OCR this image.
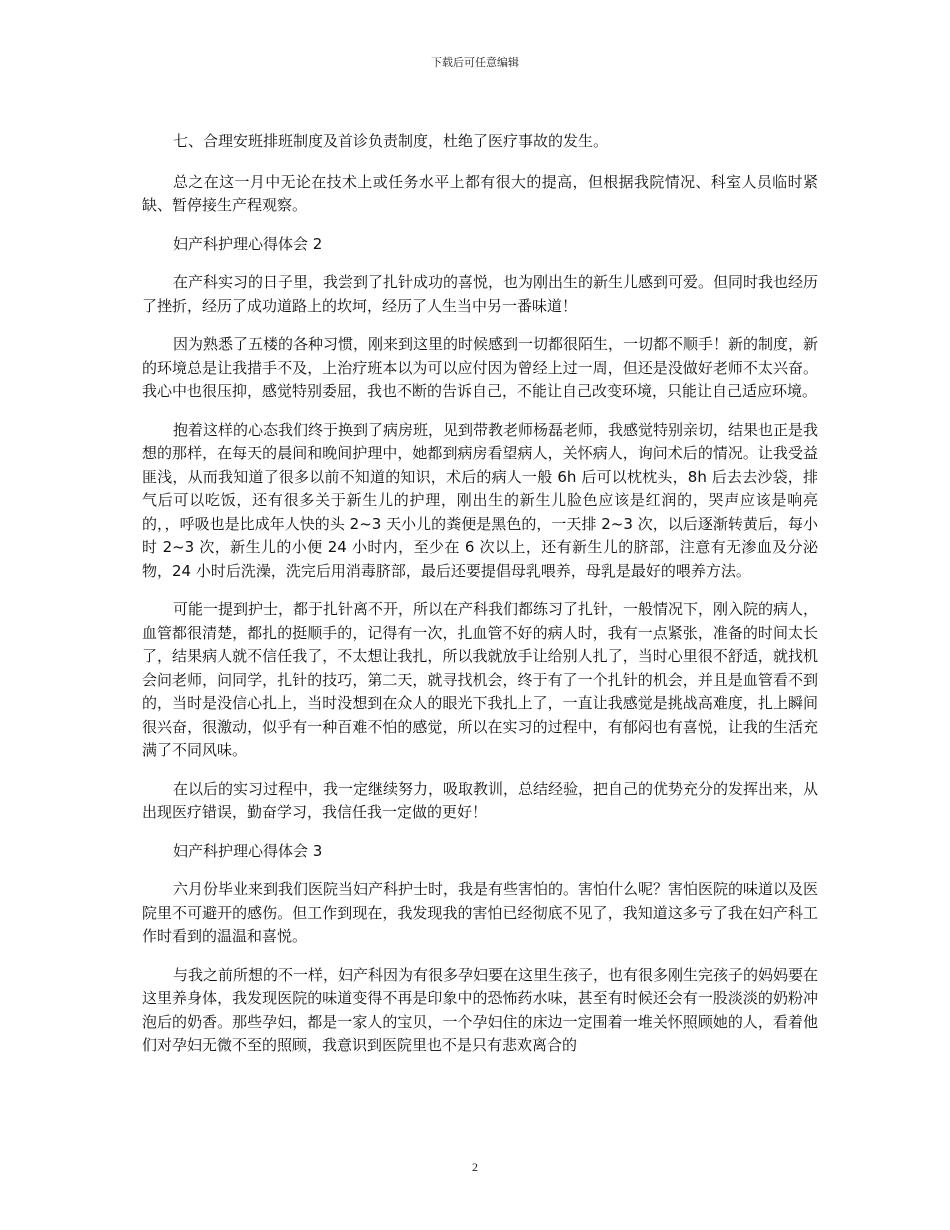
下载后可任意编辑

七、合理安班排班制度及首诊负责制度，杜绝了医疗事故的发生。

总之在这一月中无论在技术上或任务水平上都有很大的提高，但根据我院情况、科室人员临时紧缺、暂停接生产程观察。

妇产科护理心得体会 2

在产科实习的日子里，我尝到了扎针成功的喜悦，也为刚出生的新生儿感到可爱。但同时我也经历了挫折，经历了成功道路上的坎坷，经历了人生当中另一番味道！

因为熟悉了五楼的各种习惯，刚来到这里的时候感到一切都很陌生，一切都不顺手！新的制度，新的环境总是让我措手不及，上治疗班本以为可以应付因为曾经上过一周，但还是没做好老师不太兴奋。我心中也很压抑，感觉特别委屈，我也不断的告诉自己，不能让自己改变环境，只能让自己适应环境。

抱着这样的心态我们终于换到了病房班，见到带教老师杨磊老师，我感觉特别亲切，结果也正是我想的那样，在每天的晨间和晚间护理中，她都到病房看望病人，关怀病人，询问术后的情况。让我受益匪浅，从而我知道了很多以前不知道的知识，术后的病人一般 6h 后可以枕枕头，8h 后去去沙袋，排气后可以吃饭，还有很多关于新生儿的护理，刚出生的新生儿脸色应该是红润的，哭声应该是响亮的，，呼吸也是比成年人快的头 2~3 天小儿的粪便是黑色的，一天排 2~3 次，以后逐渐转黄后，每小时 2~3 次，新生儿的小便 24 小时内，至少在 6 次以上，还有新生儿的脐部，注意有无渗血及分泌物，24 小时后洗澡，洗完后用消毒脐部，最后还要提倡母乳喂养，母乳是最好的喂养方法。

可能一提到护士，都于扎针离不开，所以在产科我们都练习了扎针，一般情况下，刚入院的病人，血管都很清楚，都扎的挺顺手的，记得有一次，扎血管不好的病人时，我有一点紧张，准备的时间太长了，结果病人就不信任我了，不太想让我扎，所以我就放手让给别人扎了，当时心里很不舒适，就找机会问老师，问同学，扎针的技巧，第二天，就寻找机会，终于有了一个扎针的机会，并且是血管看不到的，当时是没信心扎上，当时没想到在众人的眼光下我扎上了，一直让我感觉是挑战高难度，扎上瞬间很兴奋，很激动，似乎有一种百难不怕的感觉，所以在实习的过程中，有郁闷也有喜悦，让我的生活充满了不同风味。

在以后的实习过程中，我一定继续努力，吸取教训，总结经验，把自己的优势充分的发挥出来，从出现医疗错误，勤奋学习，我信任我一定做的更好！

妇产科护理心得体会 3

六月份毕业来到我们医院当妇产科护士时，我是有些害怕的。害怕什么呢？害怕医院的味道以及医院里不可避开的感伤。但工作到现在，我发现我的害怕已经彻底不见了，我知道这多亏了我在妇产科工作时看到的温温和喜悦。

与我之前所想的不一样，妇产科因为有很多孕妇要在这里生孩子，也有很多刚生完孩子的妈妈要在这里养身体，我发现医院的味道变得不再是印象中的恐怖药水味，甚至有时候还会有一股淡淡的奶粉冲泡后的奶香。那些孕妇，都是一家人的宝贝，一个孕妇住的床边一定围着一堆关怀照顾她的人，看着他们对孕妇无微不至的照顾，我意识到医院里也不是只有悲欢离合的

2
